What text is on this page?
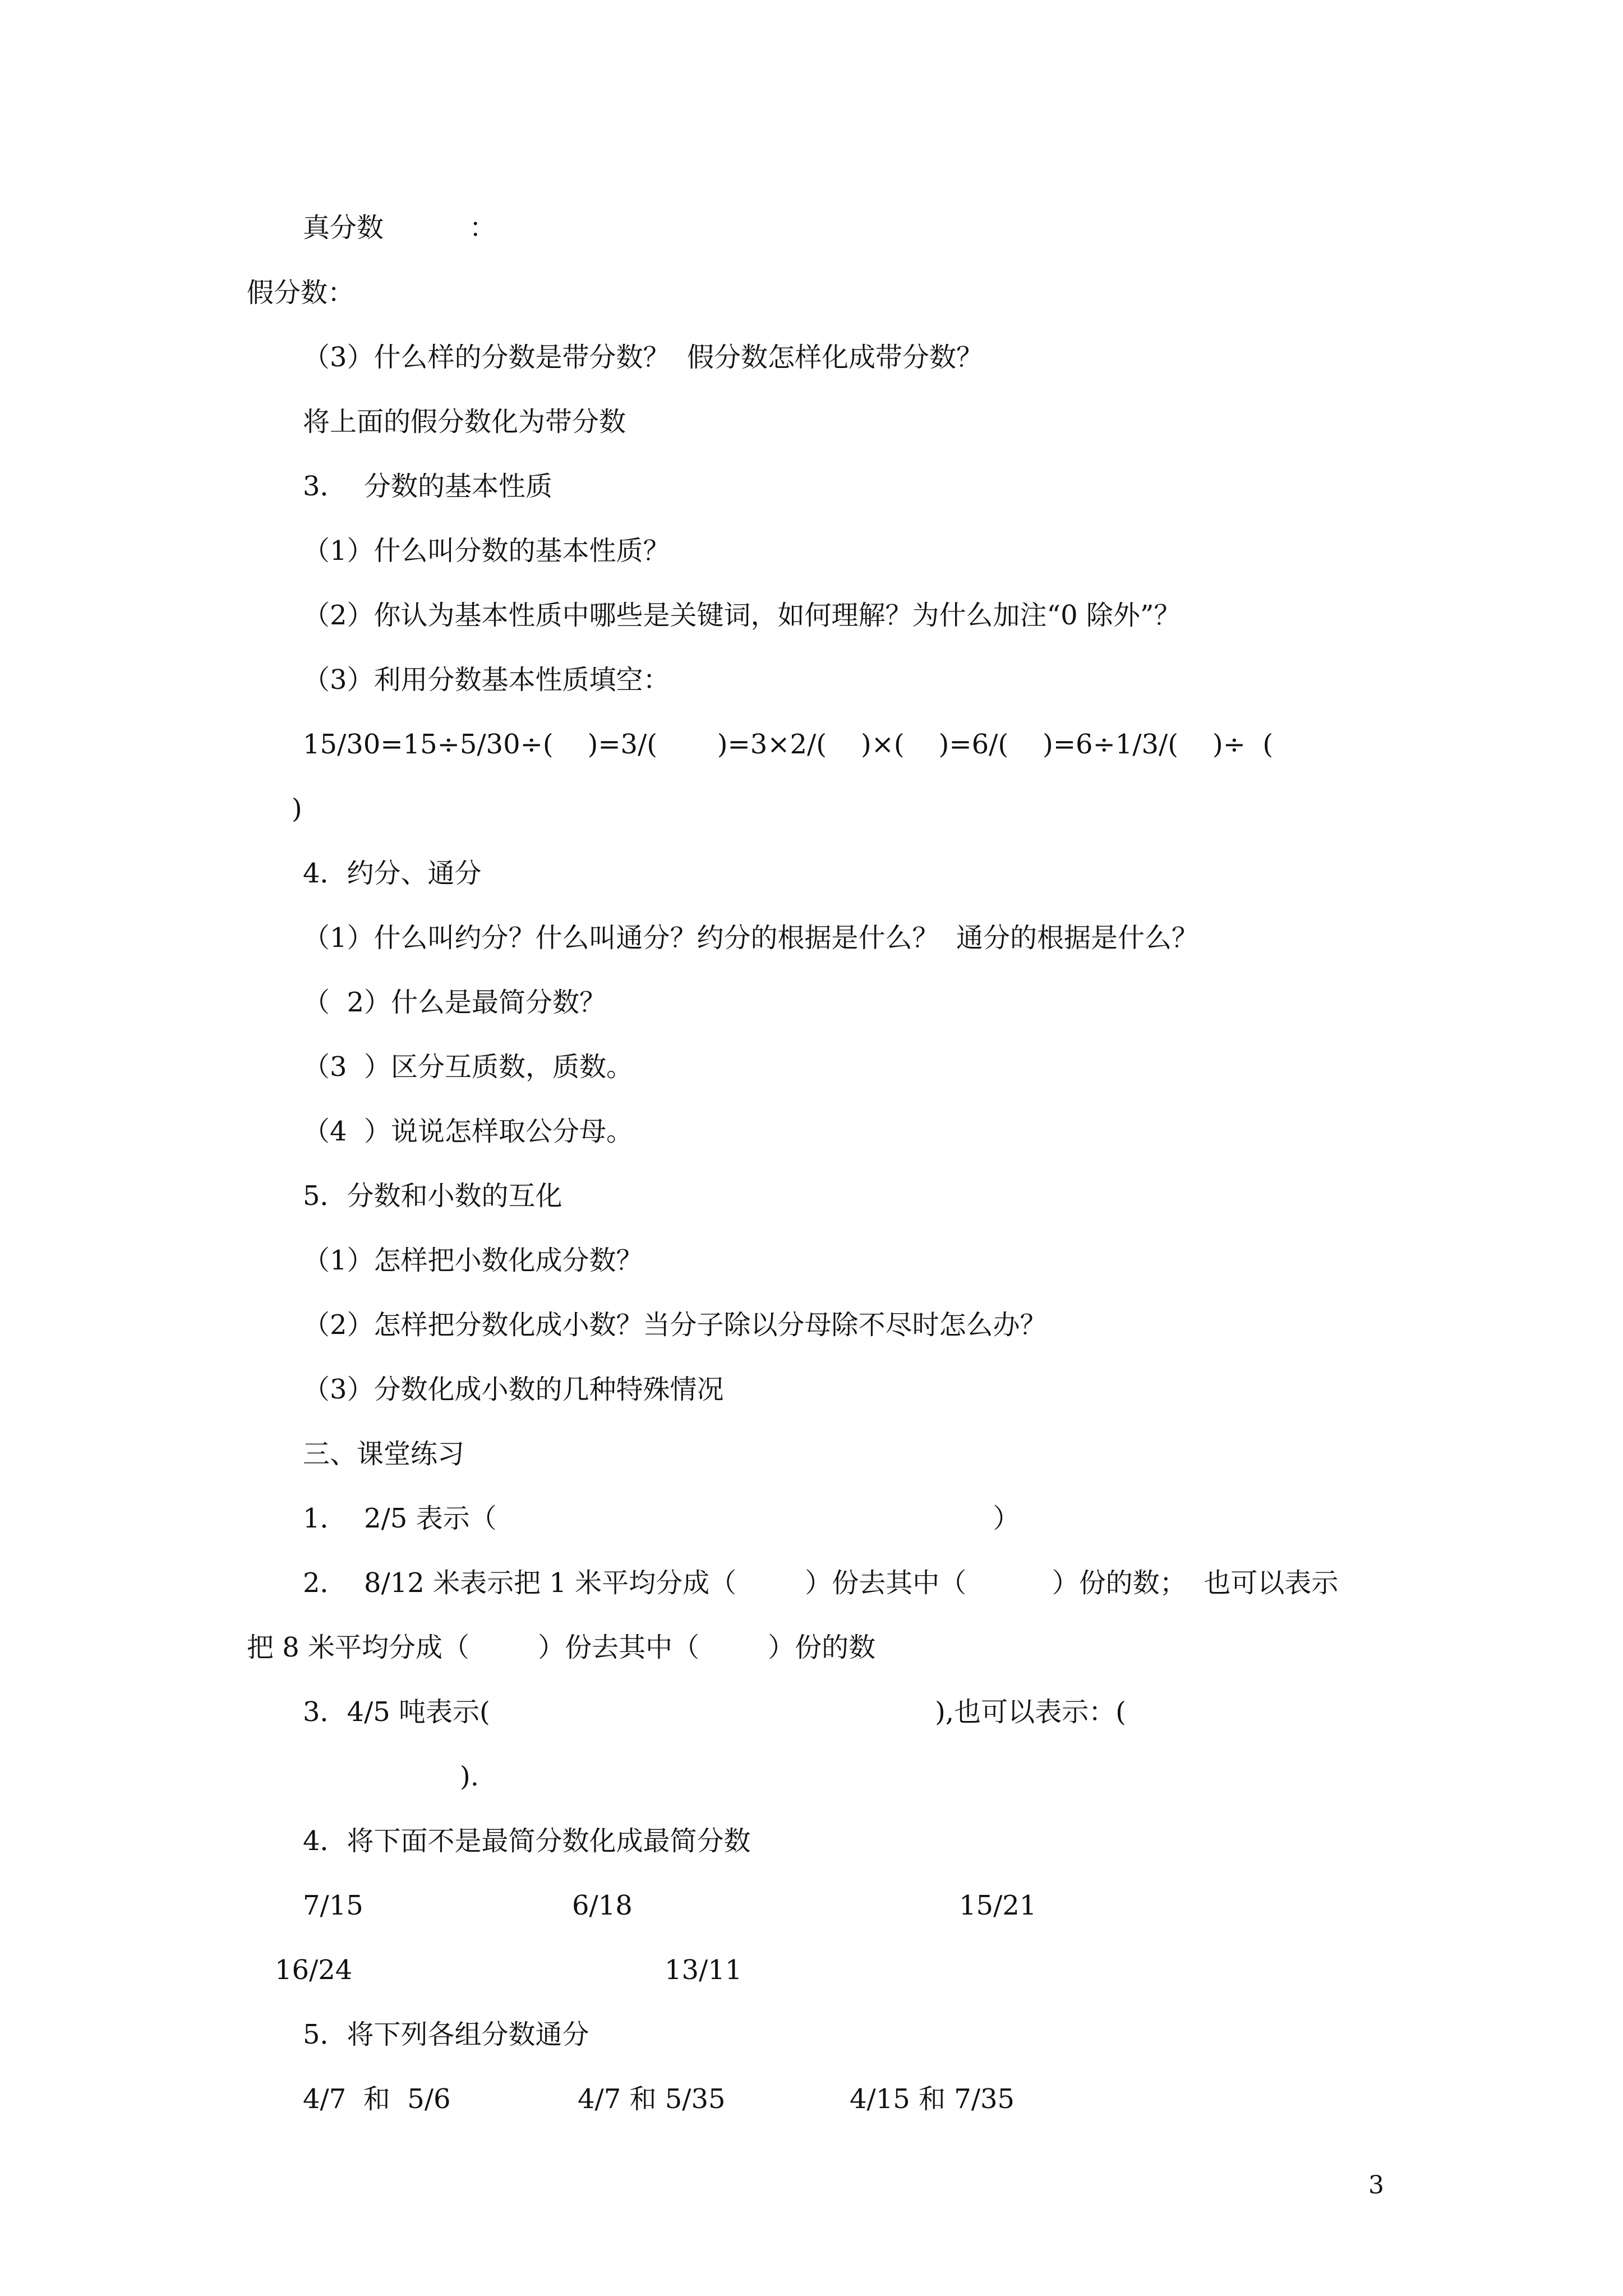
真分数          ：
假分数：
（3）什么样的分数是带分数？  假分数怎样化成带分数？
将上面的假分数化为带分数
3．  分数的基本性质
（1）什么叫分数的基本性质？
（2）你认为基本性质中哪些是关键词，如何理解？为什么加注“0 除外”？
（3）利用分数基本性质填空：
15/30=15÷5/30÷(    )=3/(       )=3×2/(    )×(    )=6/(    )=6÷1/3/(    )÷  (
)
4．约分、通分
（1）什么叫约分？什么叫通分？约分的根据是什么？  通分的根据是什么？
（  2）什么是最简分数？
（3  ）区分互质数，质数。
（4  ）说说怎样取公分母。
5．分数和小数的互化
（1）怎样把小数化成分数？
（2）怎样把分数化成小数？当分子除以分母除不尽时怎么办？
（3）分数化成小数的几种特殊情况
三、课堂练习
1．  2/5 表示（                                                          ）
2．  8/12 米表示把 1 米平均分成（        ）份去其中（          ）份的数；  也可以表示
把 8 米平均分成（        ）份去其中（        ）份的数
3．4/5 吨表示(                                                    ),也可以表示：(
).
4．将下面不是最简分数化成最简分数
7/15	6/18	15/21
16/24	13/11
5．将下列各组分数通分
4/7  和  5/6	4/7 和 5/35	4/15 和 7/35
3
